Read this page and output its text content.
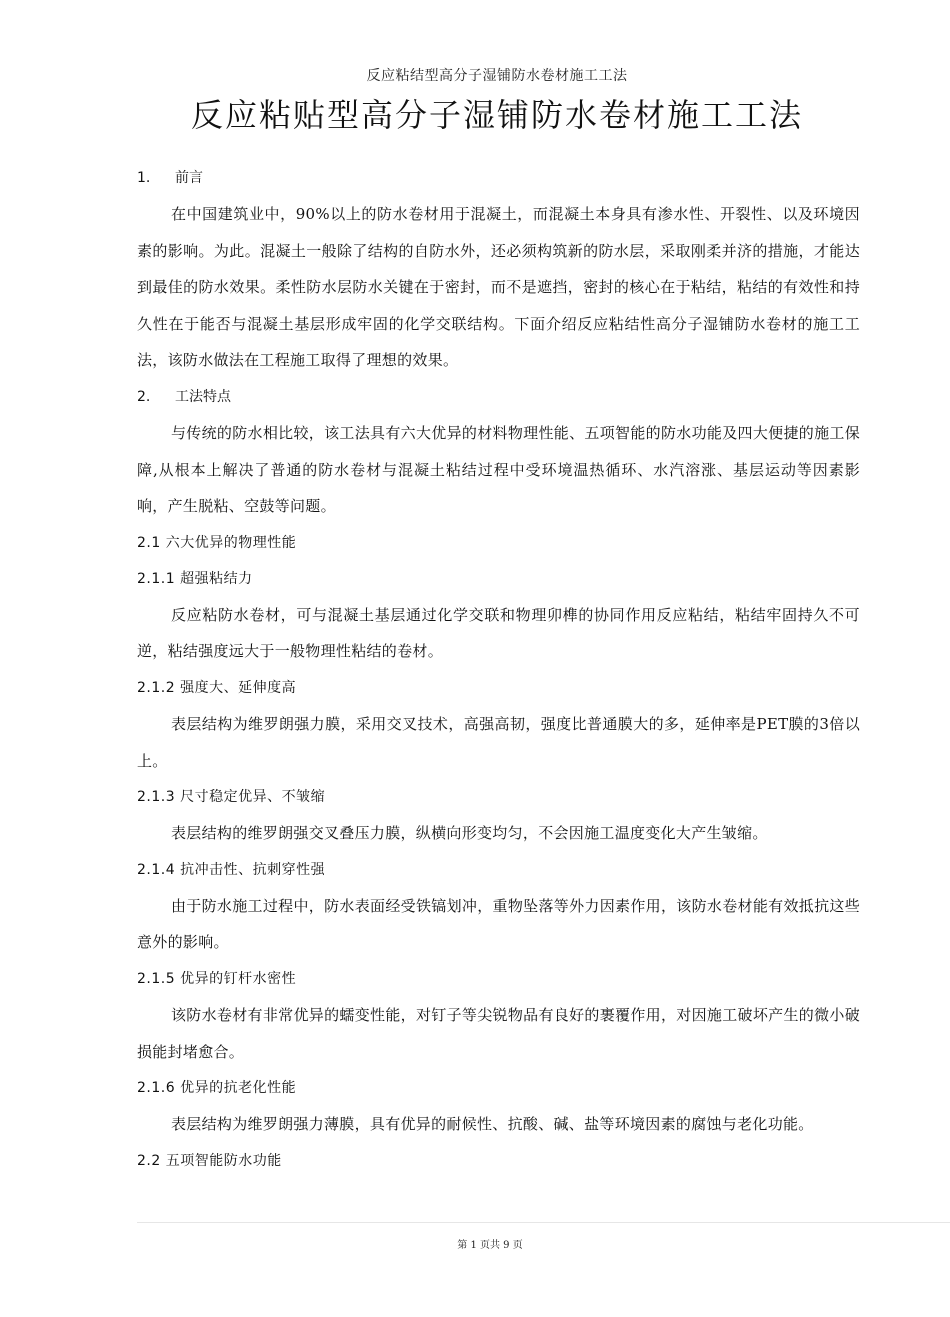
反应粘结型高分子湿铺防水卷材施工工法
反应粘贴型高分子湿铺防水卷材施工工法
1. 前言

在中国建筑业中，90%以上的防水卷材用于混凝土，而混凝土本身具有渗水性、开裂性、以及环境因素的影响。为此。混凝土一般除了结构的自防水外，还必须构筑新的防水层，采取刚柔并济的措施，才能达到最佳的防水效果。柔性防水层防水关键在于密封，而不是遮挡，密封的核心在于粘结，粘结的有效性和持久性在于能否与混凝土基层形成牢固的化学交联结构。下面介绍反应粘结性高分子湿铺防水卷材的施工工法，该防水做法在工程施工取得了理想的效果。

2. 工法特点

与传统的防水相比较，该工法具有六大优异的材料物理性能、五项智能的防水功能及四大便捷的施工保障,从根本上解决了普通的防水卷材与混凝土粘结过程中受环境温热循环、水汽溶涨、基层运动等因素影响，产生脱粘、空鼓等问题。

2.1 六大优异的物理性能
2.1.1 超强粘结力

反应粘防水卷材，可与混凝土基层通过化学交联和物理卯榫的协同作用反应粘结，粘结牢固持久不可逆，粘结强度远大于一般物理性粘结的卷材。

2.1.2 强度大、延伸度高

表层结构为维罗朗强力膜，采用交叉技术，高强高韧，强度比普通膜大的多，延伸率是PET膜的3倍以上。

2.1.3 尺寸稳定优异、不皱缩

表层结构的维罗朗强交叉叠压力膜，纵横向形变均匀，不会因施工温度变化大产生皱缩。

2.1.4 抗冲击性、抗刺穿性强

由于防水施工过程中，防水表面经受铁镐划冲，重物坠落等外力因素作用，该防水卷材能有效抵抗这些意外的影响。

2.1.5 优异的钉杆水密性

该防水卷材有非常优异的蠕变性能，对钉子等尖锐物品有良好的裹覆作用，对因施工破坏产生的微小破损能封堵愈合。

2.1.6 优异的抗老化性能

表层结构为维罗朗强力薄膜，具有优异的耐候性、抗酸、碱、盐等环境因素的腐蚀与老化功能。

2.2 五项智能防水功能
第 1 页共 9 页
